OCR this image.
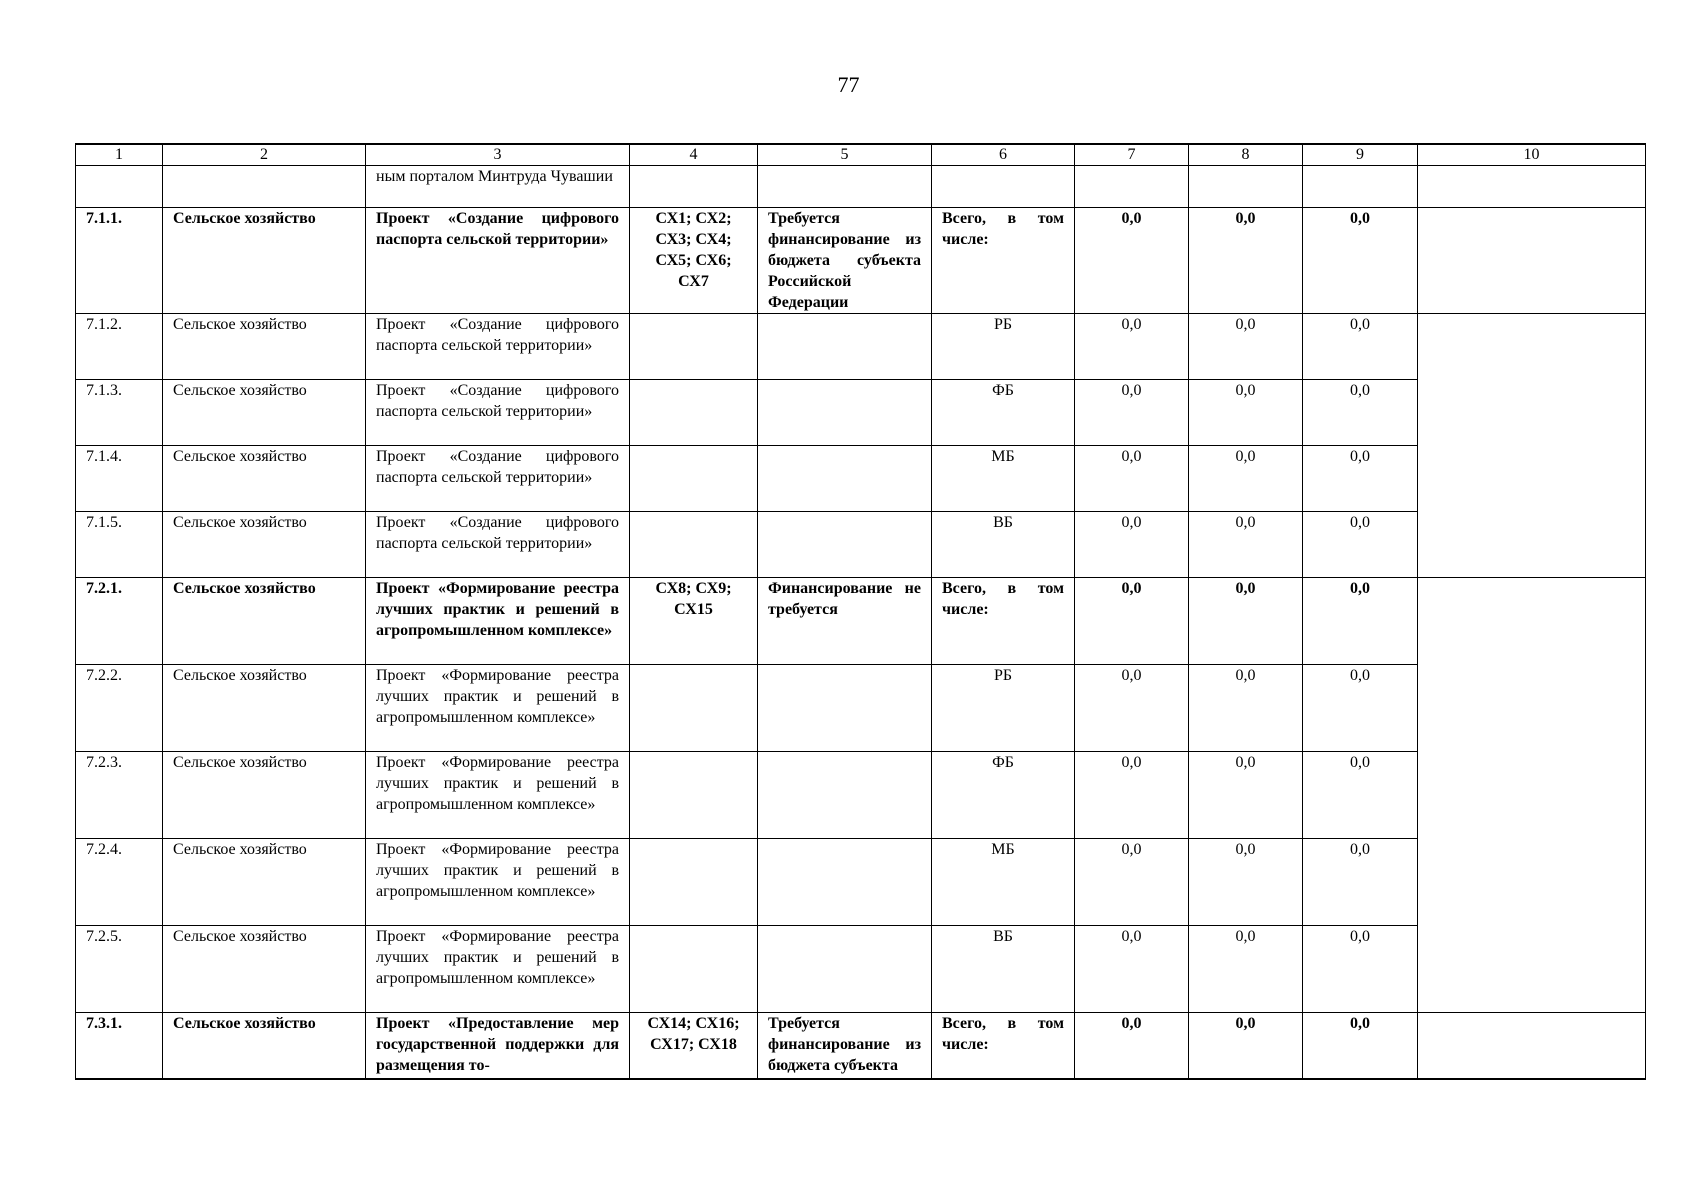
77
1	2	3	4	5	6	7	8	9	10
		ным порталом Минтруда Чувашии							
7.1.1.	Сельское хозяйство	Проект «Создание цифрового паспорта сельской территории»	СХ1; СХ2; СХ3; СХ4; СХ5; СХ6; СХ7	Требуется финансирование из бюджета субъекта Российской Федерации	Всего, в том числе:	0,0	0,0	0,0	
7.1.2.	Сельское хозяйство	Проект «Создание цифрового паспорта сельской территории»			РБ	0,0	0,0	0,0	
7.1.3.	Сельское хозяйство	Проект «Создание цифрового паспорта сельской территории»			ФБ	0,0	0,0	0,0	
7.1.4.	Сельское хозяйство	Проект «Создание цифрового паспорта сельской территории»			МБ	0,0	0,0	0,0	
7.1.5.	Сельское хозяйство	Проект «Создание цифрового паспорта сельской территории»			ВБ	0,0	0,0	0,0	
7.2.1.	Сельское хозяйство	Проект «Формирование реестра лучших практик и решений в агропромышленном комплексе»	СХ8; СХ9; СХ15	Финансирование не требуется	Всего, в том числе:	0,0	0,0	0,0	
7.2.2.	Сельское хозяйство	Проект «Формирование реестра лучших практик и решений в агропромышленном комплексе»			РБ	0,0	0,0	0,0	
7.2.3.	Сельское хозяйство	Проект «Формирование реестра лучших практик и решений в агропромышленном комплексе»			ФБ	0,0	0,0	0,0	
7.2.4.	Сельское хозяйство	Проект «Формирование реестра лучших практик и решений в агропромышленном комплексе»			МБ	0,0	0,0	0,0	
7.2.5.	Сельское хозяйство	Проект «Формирование реестра лучших практик и решений в агропромышленном комплексе»			ВБ	0,0	0,0	0,0	
7.3.1.	Сельское хозяйство	Проект «Предоставление мер государственной поддержки для размещения то-	СХ14; СХ16; СХ17; СХ18	Требуется финансирование из бюджета субъекта	Всего, в том числе:	0,0	0,0	0,0	
